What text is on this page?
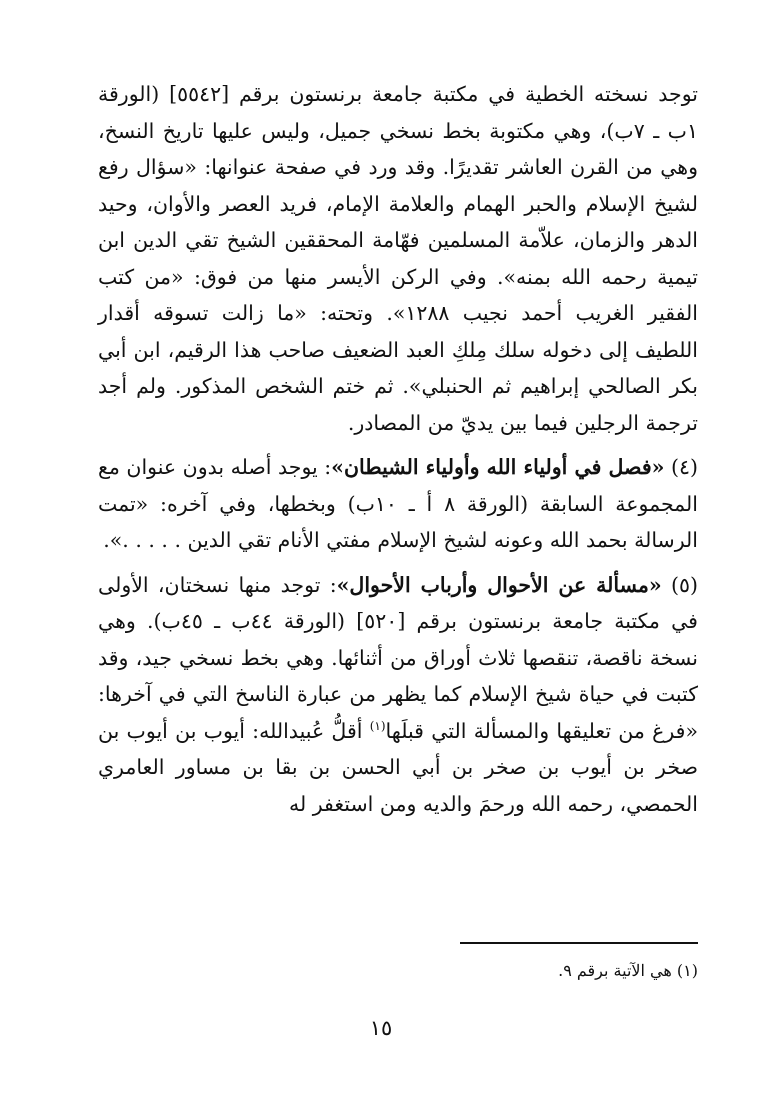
توجد نسخته الخطية في مكتبة جامعة برنستون برقم [٥٥٤٢] (الورقة ١ب ـ ٧ب)، وهي مكتوبة بخط نسخي جميل، وليس عليها تاريخ النسخ، وهي من القرن العاشر تقديرًا. وقد ورد في صفحة عنوانها: «سؤال رفع لشيخ الإسلام والحبر الهمام والعلامة الإمام، فريد العصر والأوان، وحيد الدهر والزمان، علاّمة المسلمين فهّامة المحققين الشيخ تقي الدين ابن تيمية رحمه الله بمنه». وفي الركن الأيسر منها من فوق: «من كتب الفقير الغريب أحمد نجيب ١٢٨٨». وتحته: «ما زالت تسوقه أقدار اللطيف إلى دخوله سلك مِلكِ العبد الضعيف صاحب هذا الرقيم، ابن أبي بكر الصالحي إبراهيم ثم الحنبلي». ثم ختم الشخص المذكور. ولم أجد ترجمة الرجلين فيما بين يديّ من المصادر.

(٤) «فصل في أولياء الله وأولياء الشيطان»: يوجد أصله بدون عنوان مع المجموعة السابقة (الورقة ٨ أ ـ ١٠ب) وبخطها، وفي آخره: «تمت الرسالة بحمد الله وعونه لشيخ الإسلام مفتي الأنام تقي الدين . . . . .».

(٥) «مسألة عن الأحوال وأرباب الأحوال»: توجد منها نسختان، الأولى في مكتبة جامعة برنستون برقم [٥٢٠] (الورقة ٤٤ب ـ ٤٥ب). وهي نسخة ناقصة، تنقصها ثلاث أوراق من أثنائها. وهي بخط نسخي جيد، وقد كتبت في حياة شيخ الإسلام كما يظهر من عبارة الناسخ التي في آخرها: «فرغ من تعليقها والمسألة التي قبلَها$^{(١)}$ أقلُّ عُبيدالله: أيوب بن أيوب بن صخر بن أيوب بن صخر بن أبي الحسن بن بقا بن مساور العامري الحمصي، رحمه الله ورحمَ والديه ومن استغفر له

(١) هي الآتية برقم ٩.
١٥
